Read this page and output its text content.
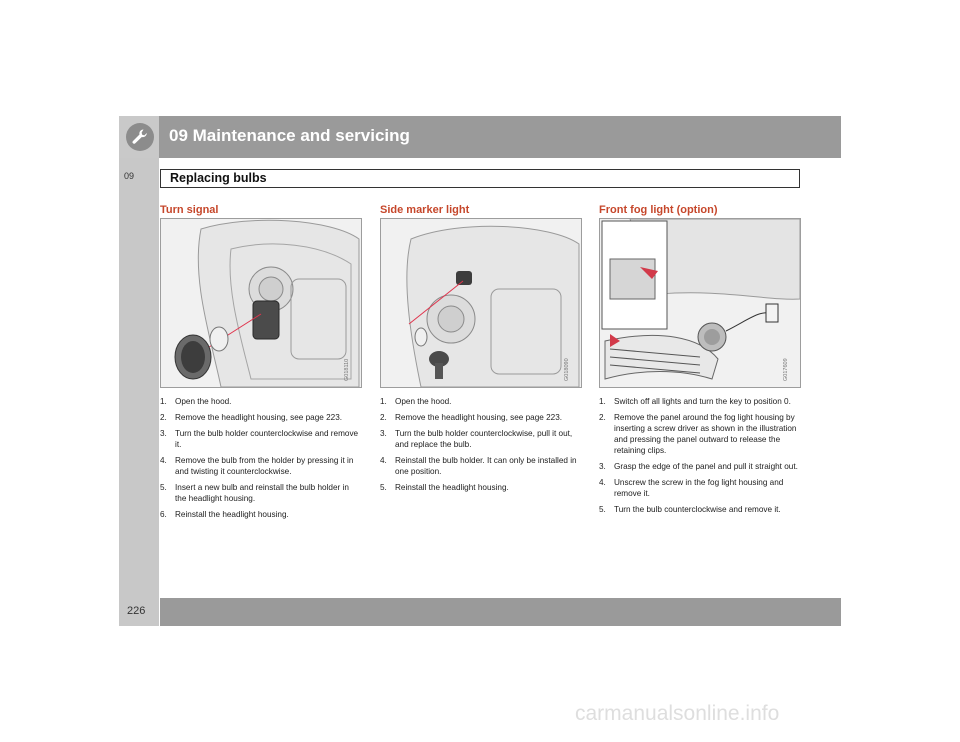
09 Maintenance and servicing
09	Replacing bulbs
Turn signal
G018110
1. Open the hood.
2. Remove the headlight housing, see page 223.
3. Turn the bulb holder counterclockwise and remove it.
4. Remove the bulb from the holder by pressing it in and twisting it counterclockwise.
5. Insert a new bulb and reinstall the bulb holder in the headlight housing.
6. Reinstall the headlight housing.
Side marker light
G018090
1. Open the hood.
2. Remove the headlight housing, see page 223.
3. Turn the bulb holder counterclockwise, pull it out, and replace the bulb.
4. Reinstall the bulb holder. It can only be installed in one position.
5. Reinstall the headlight housing.
Front fog light (option)
G017609
1. Switch off all lights and turn the key to position 0.
2. Remove the panel around the fog light housing by inserting a screw driver as shown in the illustration and pressing the panel outward to release the retaining clips.
3. Grasp the edge of the panel and pull it straight out.
4. Unscrew the screw in the fog light housing and remove it.
5. Turn the bulb counterclockwise and remove it.
226
carmanualsonline.info
